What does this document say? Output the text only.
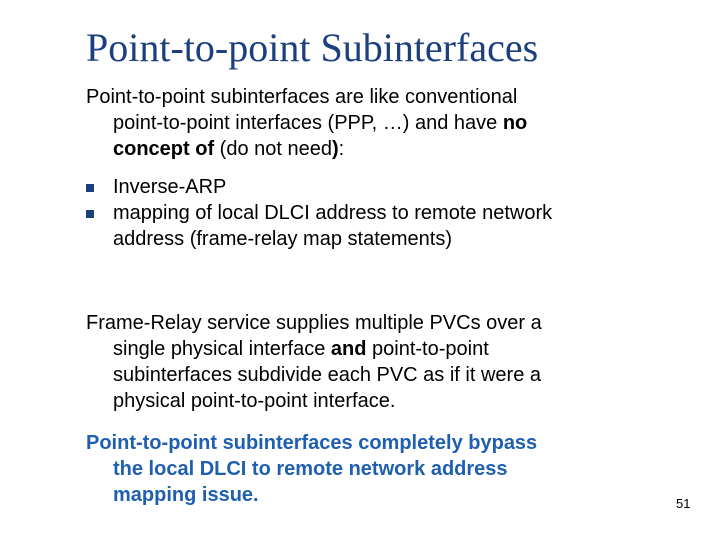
Point-to-point Subinterfaces
Point-to-point subinterfaces are like conventional
point-to-point interfaces (PPP, …) and have no
concept of (do not need):
Inverse-ARP
mapping of local DLCI address to remote network
address (frame-relay map statements)
Frame-Relay service supplies multiple PVCs over a
single physical interface and point-to-point
subinterfaces subdivide each PVC as if it were a
physical point-to-point interface.
Point-to-point subinterfaces completely bypass
the local DLCI to remote network address
mapping issue.	51
